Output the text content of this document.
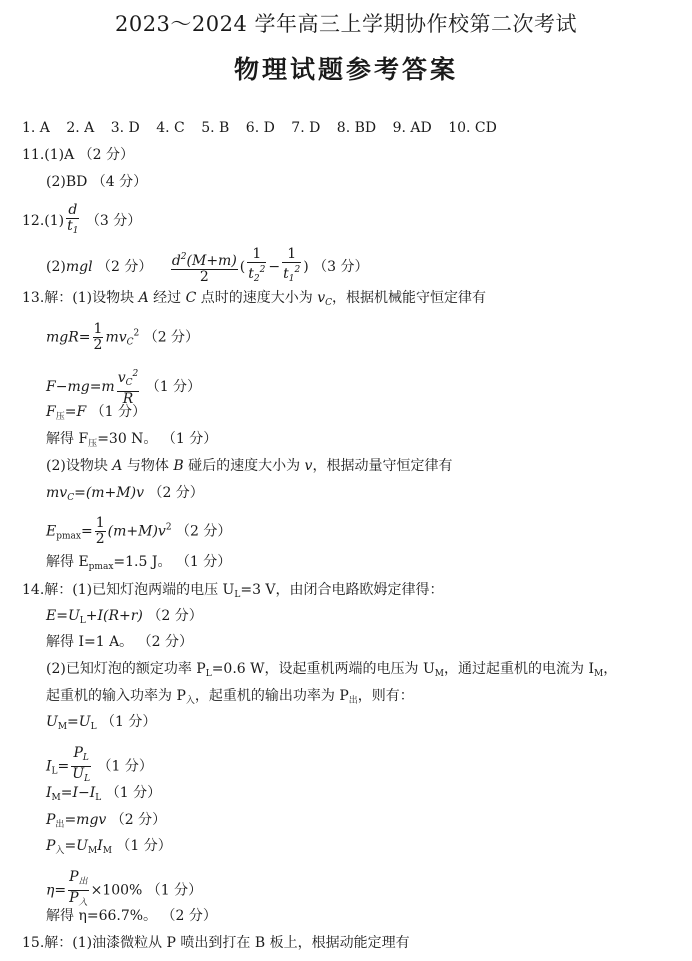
2023～2024 学年高三上学期协作校第二次考试
物理试题参考答案
1. A 2. A 3. D 4. C 5. B 6. D 7. D 8. BD 9. AD 10. CD
11.(1)A （2 分）
(2)BD （4 分）
$12.(1) \frac{d}{t_1} (3$ 分）
(2)mgl （2 分） $\frac{d^2(M+m)}{2}$ ( $\frac{1}{t_2^2} - \frac{1}{t_1^2}$ ) （3 分）
13.解：(1)设物块 A 经过 C 点时的速度大小为 $v_C$，根据机械能守恒定律有
$mgR= \frac{1}{2} mv_C^2$ （2 分）
$F-mg=m \frac{v_C^2}{R} (1$ 分）
$F_压=F$ （1 分）
解得 $F_压=30$ N。 （1 分）
(2)设物块 A 与物体 B 碰后的速度大小为 v，根据动量守恒定律有
$mv_C=(m+M)v$ （2 分）
$E_{pmax}= \frac{1}{2} (m+M)v^2$ （2 分）
解得 $E_{pmax}=1.5$ J。 （1 分）
14.解：(1)已知灯泡两端的电压 $U_L=3$ V，由闭合电路欧姆定律得：
$E=U_L+I(R+r)$ （2 分）
解得 I=1 A。 （2 分）
(2)已知灯泡的额定功率 $P_L=0.6$ W，设起重机两端的电压为 $U_M$，通过起重机的电流为 $I_M$，
起重机的输入功率为 $P_入$，起重机的输出功率为 $P_出$，则有：
$U_M=U_L$ （1 分）
$I_L= \frac{P_L}{U_L} (1$ 分）
$I_M=I-I_L$ （1 分）
$P_出=mgv$ （2 分）
$P_入=U_MI_M$ （1 分）
$\eta= \frac{P_出}{P_入} \times 100\%$ （1 分）
解得 η=66.7%。 （2 分）
15.解：(1)油漆微粒从 P 喷出到打在 B 板上，根据动能定理有
